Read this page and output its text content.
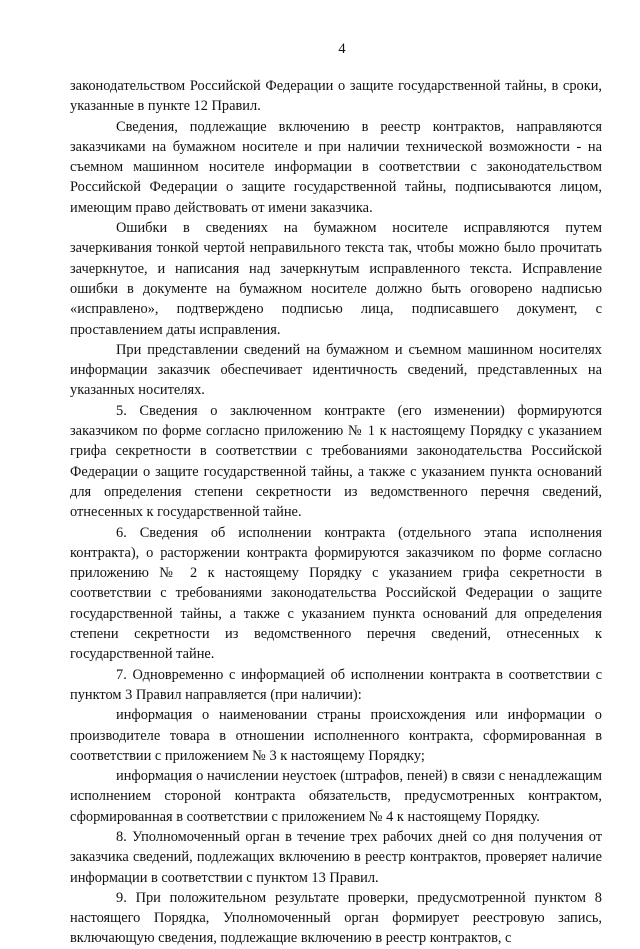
4

законодательством Российской Федерации о защите государственной тайны, в сроки, указанные в пункте 12 Правил.

Сведения, подлежащие включению в реестр контрактов, направляются заказчиками на бумажном носителе и при наличии технической возможности - на съемном машинном носителе информации в соответствии с законодательством Российской Федерации о защите государственной тайны, подписываются лицом, имеющим право действовать от имени заказчика.

Ошибки в сведениях на бумажном носителе исправляются путем зачеркивания тонкой чертой неправильного текста так, чтобы можно было прочитать зачеркнутое, и написания над зачеркнутым исправленного текста. Исправление ошибки в документе на бумажном носителе должно быть оговорено надписью «исправлено», подтверждено подписью лица, подписавшего документ, с проставлением даты исправления.

При представлении сведений на бумажном и съемном машинном носителях информации заказчик обеспечивает идентичность сведений, представленных на указанных носителях.

5. Сведения о заключенном контракте (его изменении) формируются заказчиком по форме согласно приложению № 1 к настоящему Порядку с указанием грифа секретности в соответствии с требованиями законодательства Российской Федерации о защите государственной тайны, а также с указанием пункта оснований для определения степени секретности из ведомственного перечня сведений, отнесенных к государственной тайне.

6. Сведения об исполнении контракта (отдельного этапа исполнения контракта), о расторжении контракта формируются заказчиком по форме согласно приложению № 2 к настоящему Порядку с указанием грифа секретности в соответствии с требованиями законодательства Российской Федерации о защите государственной тайны, а также с указанием пункта оснований для определения степени секретности из ведомственного перечня сведений, отнесенных к государственной тайне.

7. Одновременно с информацией об исполнении контракта в соответствии с пунктом 3 Правил направляется (при наличии):

информация о наименовании страны происхождения или информации о производителе товара в отношении исполненного контракта, сформированная в соответствии с приложением № 3 к настоящему Порядку;

информация о начислении неустоек (штрафов, пеней) в связи с ненадлежащим исполнением стороной контракта обязательств, предусмотренных контрактом, сформированная в соответствии с приложением № 4 к настоящему Порядку.

8. Уполномоченный орган в течение трех рабочих дней со дня получения от заказчика сведений, подлежащих включению в реестр контрактов, проверяет наличие информации в соответствии с пунктом 13 Правил.

9. При положительном результате проверки, предусмотренной пунктом 8 настоящего Порядка, Уполномоченный орган формирует реестровую запись, включающую сведения, подлежащие включению в реестр контрактов, с
